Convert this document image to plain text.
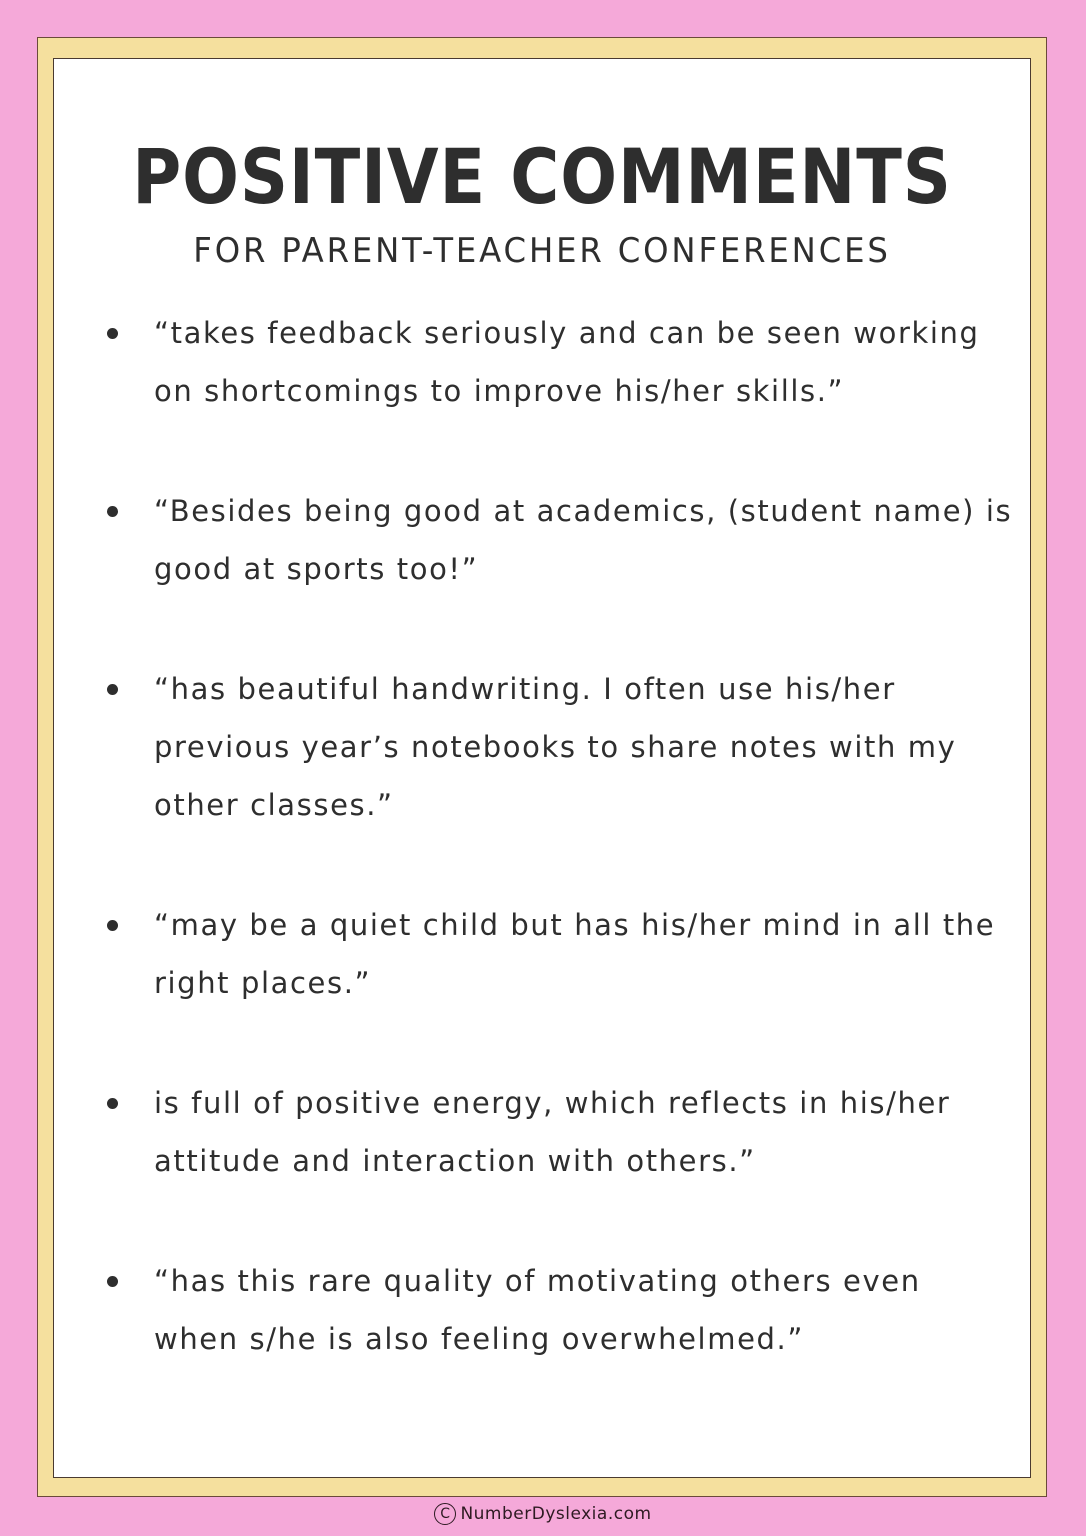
POSITIVE COMMENTS
FOR PARENT-TEACHER CONFERENCES
“takes feedback seriously and can be seen working on shortcomings to improve his/her skills.”
“Besides being good at academics, (student name) is good at sports too!”
“has beautiful handwriting. I often use his/her previous year’s notebooks to share notes with my other classes.”
“may be a quiet child but has his/her mind in all the right places.”
is full of positive energy, which reflects in his/her attitude and interaction with others.”
“has this rare quality of motivating others even when s/he is also feeling overwhelmed.”
C NumberDyslexia.com
